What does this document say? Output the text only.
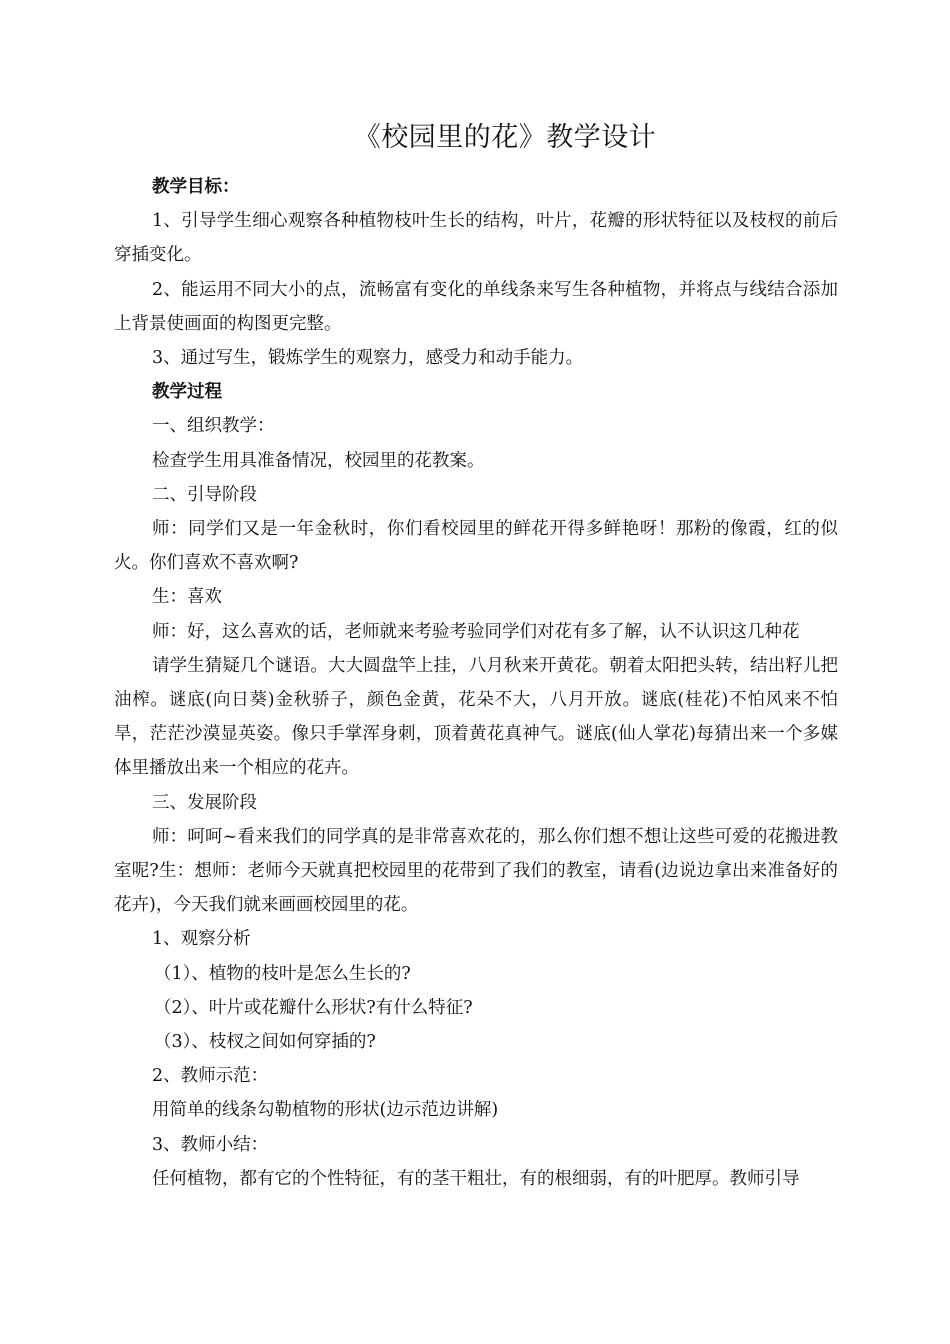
《校园里的花》教学设计

教学目标：

1、引导学生细心观察各种植物枝叶生长的结构，叶片，花瓣的形状特征以及枝杈的前后穿插变化。

2、能运用不同大小的点，流畅富有变化的单线条来写生各种植物，并将点与线结合添加上背景使画面的构图更完整。

3、通过写生，锻炼学生的观察力，感受力和动手能力。

教学过程

一、组织教学：

检查学生用具准备情况，校园里的花教案。

二、引导阶段

师：同学们又是一年金秋时，你们看校园里的鲜花开得多鲜艳呀！那粉的像霞，红的似火。你们喜欢不喜欢啊?

生：喜欢

师：好，这么喜欢的话，老师就来考验考验同学们对花有多了解，认不认识这几种花

请学生猜疑几个谜语。大大圆盘竿上挂，八月秋来开黄花。朝着太阳把头转，结出籽儿把油榨。谜底(向日葵)金秋骄子，颜色金黄，花朵不大，八月开放。谜底(桂花)不怕风来不怕旱，茫茫沙漠显英姿。像只手掌浑身刺，顶着黄花真神气。谜底(仙人掌花)每猜出来一个多媒体里播放出来一个相应的花卉。

三、发展阶段

师：呵呵~看来我们的同学真的是非常喜欢花的，那么你们想不想让这些可爱的花搬进教室呢?生：想师：老师今天就真把校园里的花带到了我们的教室，请看(边说边拿出来准备好的花卉)，今天我们就来画画校园里的花。

1、观察分析

（1）、植物的枝叶是怎么生长的?

（2）、叶片或花瓣什么形状?有什么特征?

（3）、枝杈之间如何穿插的?

2、教师示范：

用简单的线条勾勒植物的形状(边示范边讲解)

3、教师小结：

任何植物，都有它的个性特征，有的茎干粗壮，有的根细弱，有的叶肥厚。教师引导
